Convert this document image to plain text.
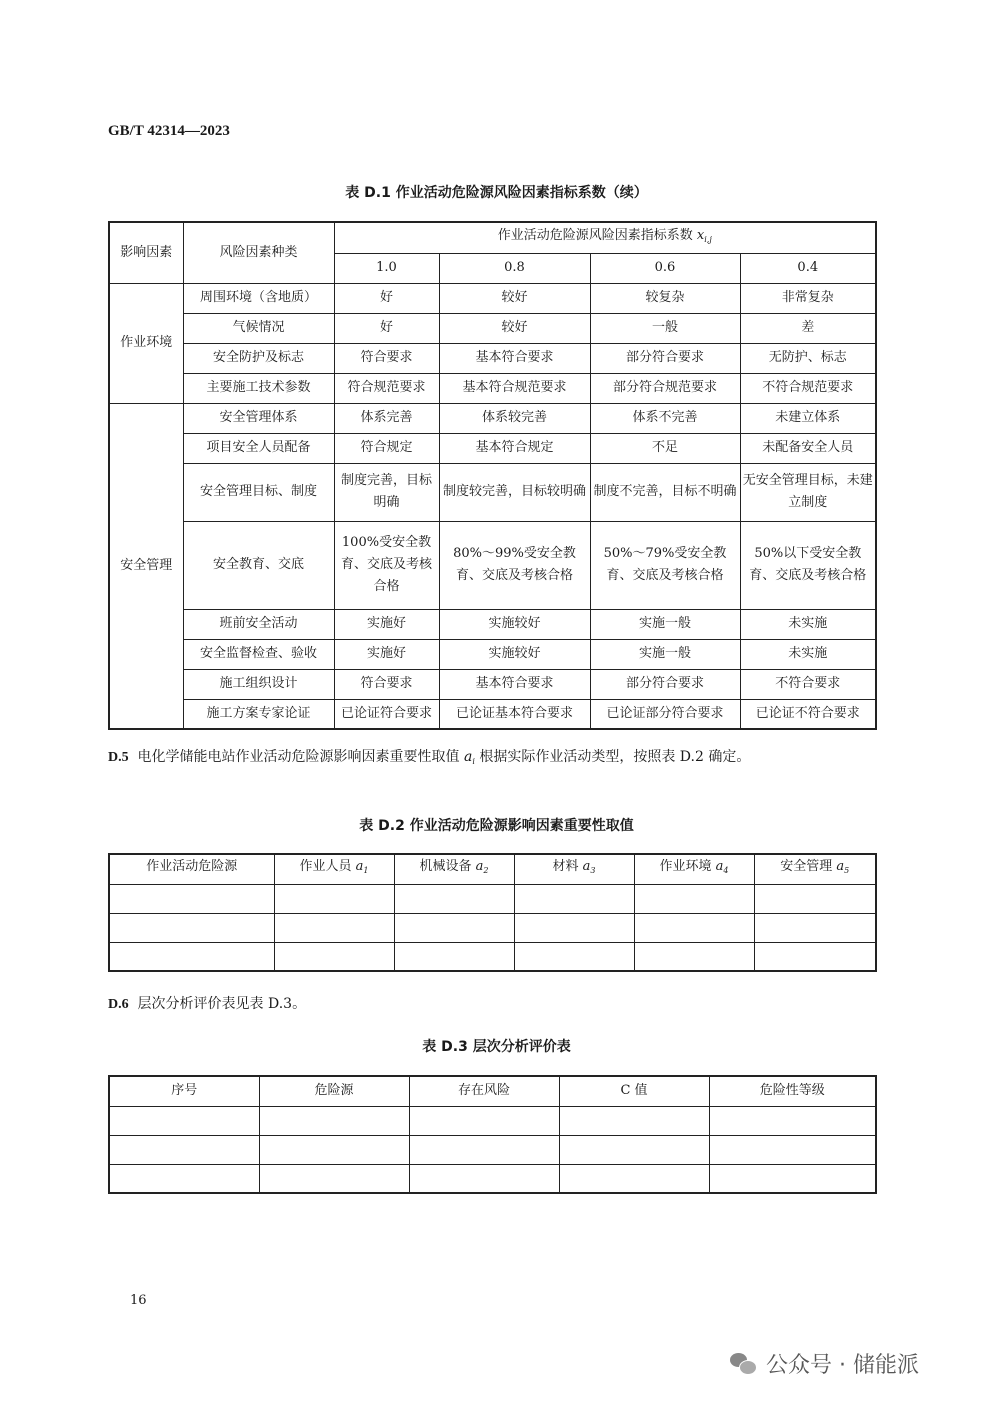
GB/T 42314—2023
表 D.1 作业活动危险源风险因素指标系数（续）
影响因素	风险因素种类	作业活动危险源风险因素指标系数 $x_{i,j}$
		1.0	0.8	0.6	0.4
作业环境	周围环境（含地质）	好	较好	较复杂	非常复杂
	气候情况	好	较好	一般	差
	安全防护及标志	符合要求	基本符合要求	部分符合要求	无防护、标志
	主要施工技术参数	符合规范要求	基本符合规范要求	部分符合规范要求	不符合规范要求
安全管理	安全管理体系	体系完善	体系较完善	体系不完善	未建立体系
	项目安全人员配备	符合规定	基本符合规定	不足	未配备安全人员
	安全管理目标、制度	制度完善，目标明确	制度较完善，目标较明确	制度不完善，目标不明确	无安全管理目标，未建立制度
	安全教育、交底	100%受安全教育、交底及考核合格	80%～99%受安全教育、交底及考核合格	50%～79%受安全教育、交底及考核合格	50%以下受安全教育、交底及考核合格
	班前安全活动	实施好	实施较好	实施一般	未实施
	安全监督检查、验收	实施好	实施较好	实施一般	未实施
	施工组织设计	符合要求	基本符合要求	部分符合要求	不符合要求
	施工方案专家论证	已论证符合要求	已论证基本符合要求	已论证部分符合要求	已论证不符合要求
D.5 电化学储能电站作业活动危险源影响因素重要性取值 $a_i$ 根据实际作业活动类型，按照表 D.2 确定。
表 D.2 作业活动危险源影响因素重要性取值
作业活动危险源	作业人员 $a_1$	机械设备 $a_2$	材料 $a_3$	作业环境 $a_4$	安全管理 $a_5$

D.6 层次分析评价表见表 D.3。
表 D.3 层次分析评价表
序号	危险源	存在风险	C 值	危险性等级

16
公众号 · 储能派
